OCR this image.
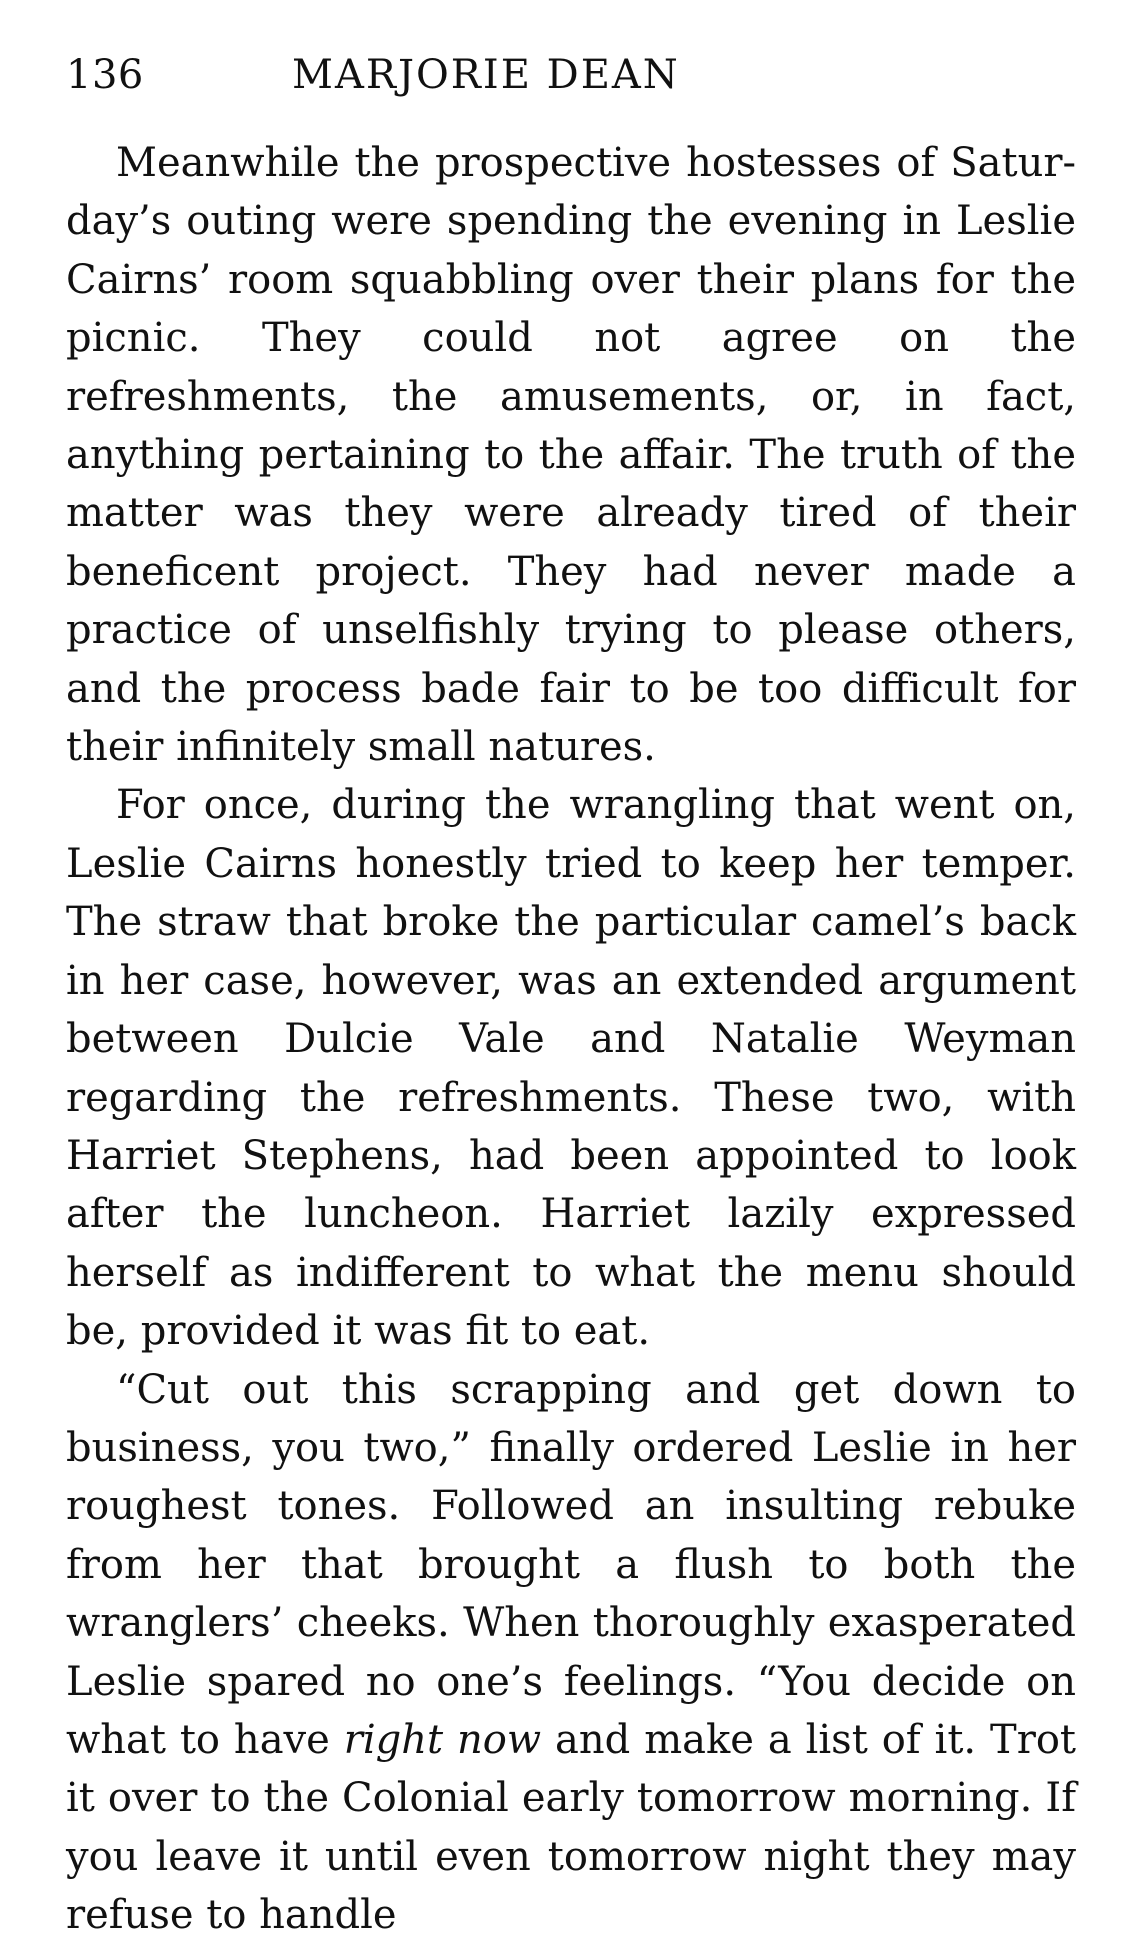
136	MARJORIE DEAN

Meanwhile the prospective hostesses of Saturday’s outing were spending the evening in Leslie Cairns’ room squabbling over their plans for the picnic. They could not agree on the refreshments, the amusements, or, in fact, anything pertaining to the affair. The truth of the matter was they were already tired of their beneficent project. They had never made a practice of unselfishly trying to please others, and the process bade fair to be too difficult for their infinitely small natures.

For once, during the wrangling that went on, Leslie Cairns honestly tried to keep her temper. The straw that broke the particular camel’s back in her case, however, was an extended argument between Dulcie Vale and Natalie Weyman regarding the refreshments. These two, with Harriet Stephens, had been appointed to look after the luncheon. Harriet lazily expressed herself as indifferent to what the menu should be, provided it was fit to eat.

“Cut out this scrapping and get down to business, you two,” finally ordered Leslie in her roughest tones. Followed an insulting rebuke from her that brought a flush to both the wranglers’ cheeks. When thoroughly exasperated Leslie spared no one’s feelings. “You decide on what to have right now and make a list of it. Trot it over to the Colonial early tomorrow morning. If you leave it until even tomorrow night they may refuse to handle
